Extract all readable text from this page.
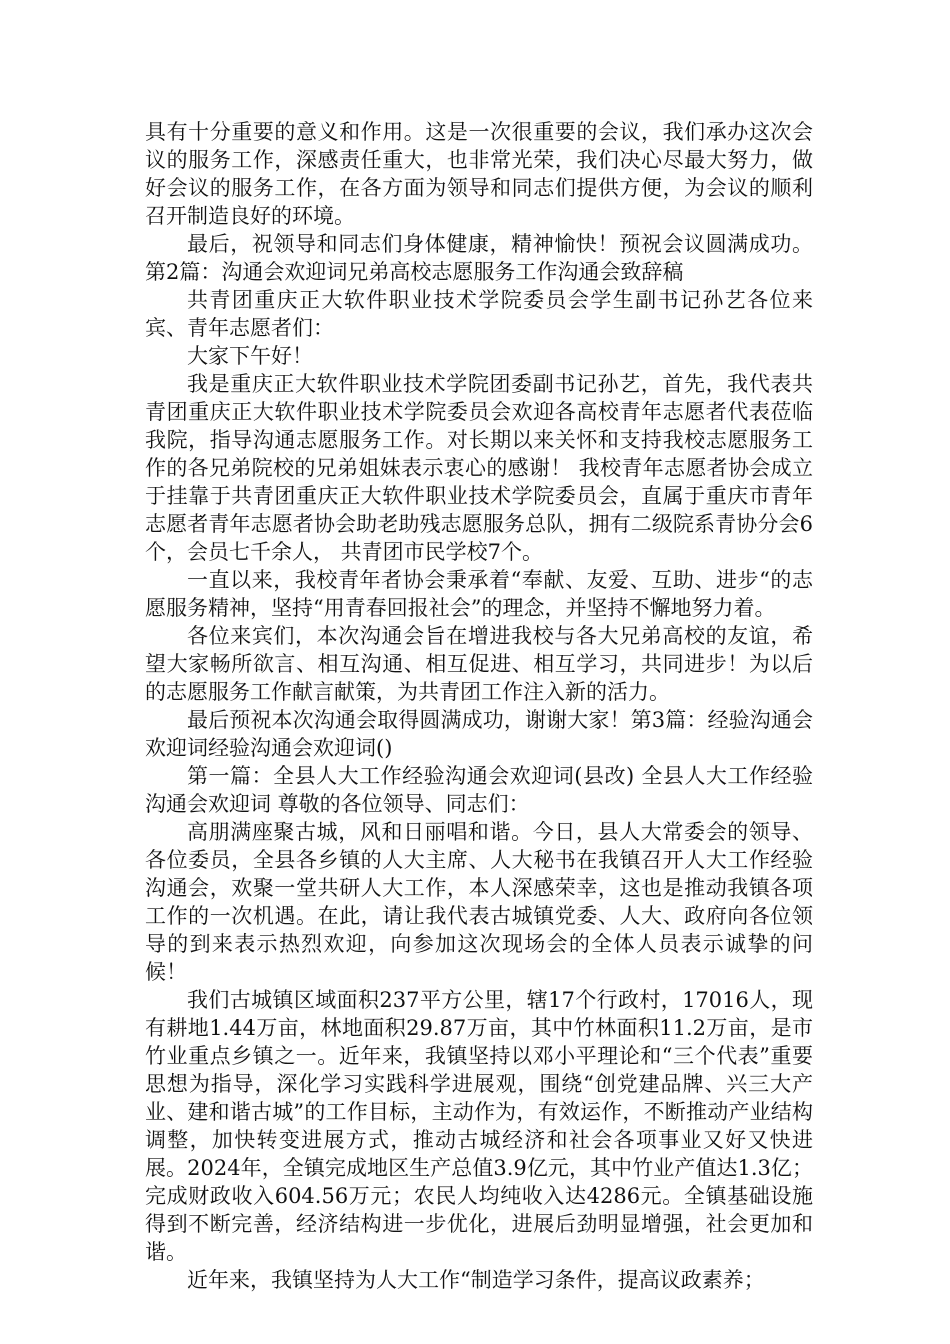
具有十分重要的意义和作用。这是一次很重要的会议，我们承办这次会议的服务工作，深感责任重大，也非常光荣，我们决心尽最大努力，做好会议的服务工作，在各方面为领导和同志们提供方便，为会议的顺利召开制造良好的环境。

最后，祝领导和同志们身体健康，精神愉快！预祝会议圆满成功。第2篇：沟通会欢迎词兄弟高校志愿服务工作沟通会致辞稿

共青团重庆正大软件职业技术学院委员会学生副书记孙艺各位来宾、青年志愿者们：

大家下午好！

我是重庆正大软件职业技术学院团委副书记孙艺，首先，我代表共青团重庆正大软件职业技术学院委员会欢迎各高校青年志愿者代表莅临我院，指导沟通志愿服务工作。对长期以来关怀和支持我校志愿服务工作的各兄弟院校的兄弟姐妹表示衷心的感谢！ 我校青年志愿者协会成立于挂靠于共青团重庆正大软件职业技术学院委员会，直属于重庆市青年志愿者青年志愿者协会助老助残志愿服务总队，拥有二级院系青协分会6个，会员七千余人， 共青团市民学校7个。

一直以来，我校青年者协会秉承着“奉献、友爱、互助、进步“的志愿服务精神，坚持“用青春回报社会”的理念，并坚持不懈地努力着。

各位来宾们，本次沟通会旨在增进我校与各大兄弟高校的友谊，希望大家畅所欲言、相互沟通、相互促进、相互学习，共同进步！为以后的志愿服务工作献言献策，为共青团工作注入新的活力。

最后预祝本次沟通会取得圆满成功，谢谢大家！第3篇：经验沟通会欢迎词经验沟通会欢迎词()

第一篇：全县人大工作经验沟通会欢迎词(县改) 全县人大工作经验沟通会欢迎词 尊敬的各位领导、同志们：

高朋满座聚古城，风和日丽唱和谐。今日，县人大常委会的领导、各位委员，全县各乡镇的人大主席、人大秘书在我镇召开人大工作经验沟通会，欢聚一堂共研人大工作，本人深感荣幸，这也是推动我镇各项工作的一次机遇。在此，请让我代表古城镇党委、人大、政府向各位领导的到来表示热烈欢迎，向参加这次现场会的全体人员表示诚挚的问候！

我们古城镇区域面积237平方公里，辖17个行政村，17016人，现有耕地1.44万亩，林地面积29.87万亩，其中竹林面积11.2万亩，是市竹业重点乡镇之一。近年来，我镇坚持以邓小平理论和“三个代表”重要思想为指导，深化学习实践科学进展观，围绕“创党建品牌、兴三大产业、建和谐古城”的工作目标，主动作为，有效运作，不断推动产业结构调整，加快转变进展方式，推动古城经济和社会各项事业又好又快进展。2024年，全镇完成地区生产总值3.9亿元，其中竹业产值达1.3亿；完成财政收入604.56万元；农民人均纯收入达4286元。全镇基础设施得到不断完善，经济结构进一步优化，进展后劲明显增强，社会更加和谐。

近年来，我镇坚持为人大工作“制造学习条件，提高议政素养；
